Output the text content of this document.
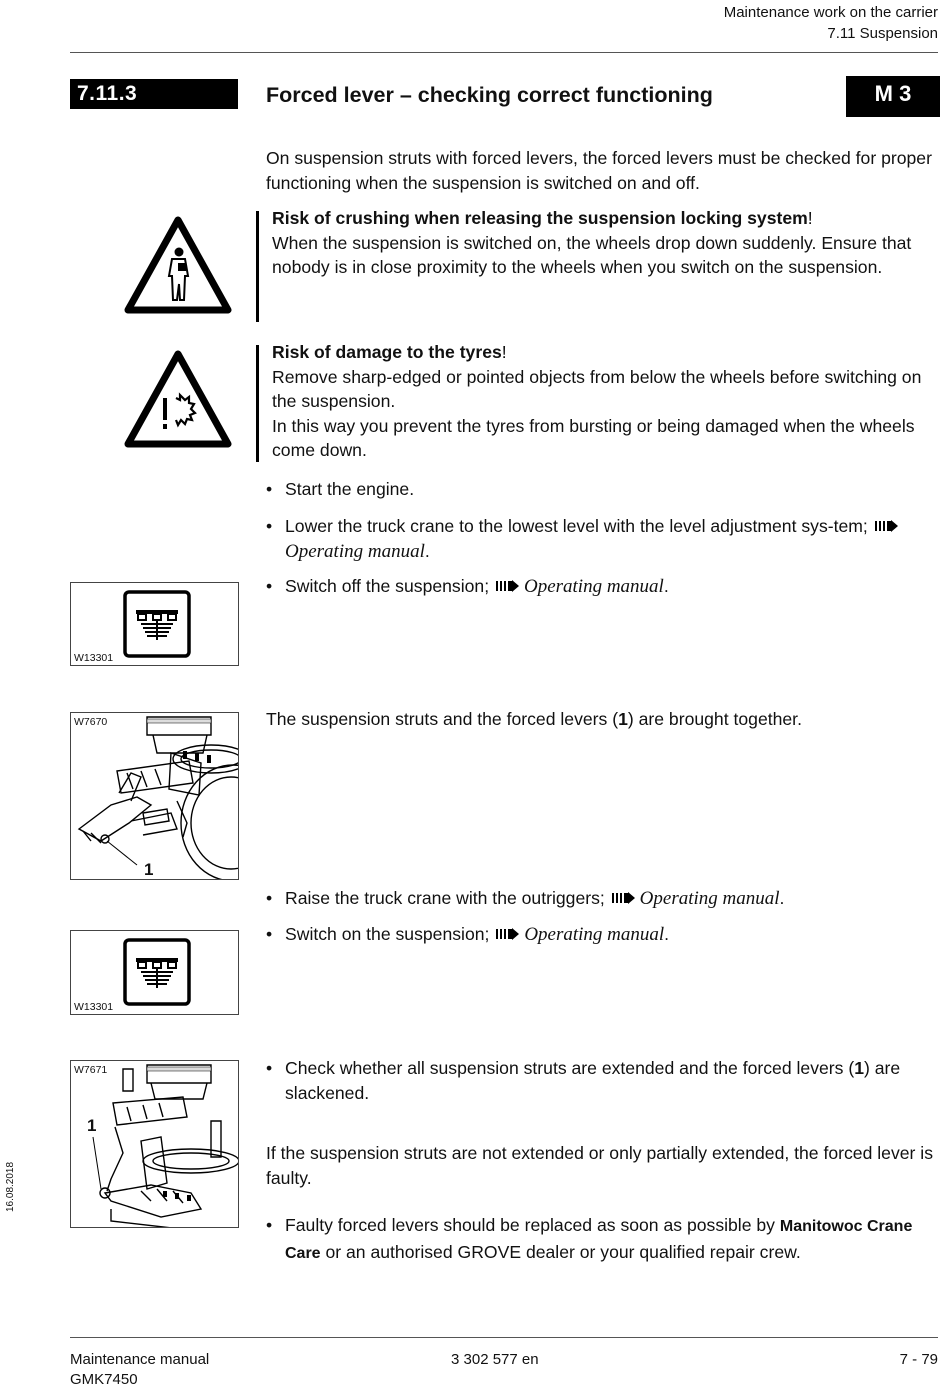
Maintenance work on the carrier
7.11 Suspension
7.11.3	Forced lever – checking correct functioning	M 3
On suspension struts with forced levers, the forced levers must be checked for proper functioning when the suspension is switched on and off.
Risk of crushing when releasing the suspension locking system!
When the suspension is switched on, the wheels drop down suddenly. Ensure that nobody is in close proximity to the wheels when you switch on the suspension.
Risk of damage to the tyres!
Remove sharp-edged or pointed objects from below the wheels before switching on the suspension.
In this way you prevent the tyres from bursting or being damaged when the wheels come down.
• Start the engine.
• Lower the truck crane to the lowest level with the level adjustment sys-tem; Operating manual.
• Switch off the suspension; Operating manual.
W13301
W7670
1
The suspension struts and the forced levers (1) are brought together.
• Raise the truck crane with the outriggers; Operating manual.
• Switch on the suspension; Operating manual.
W13301
W7671
1
• Check whether all suspension struts are extended and the forced levers (1) are slackened.
If the suspension struts are not extended or only partially extended, the forced lever is faulty.
• Faulty forced levers should be replaced as soon as possible by Manitowoc Crane Care or an authorised GROVE dealer or your qualified repair crew.
16.08.2018
Maintenance manual
GMK7450
3 302 577 en	7 - 79
